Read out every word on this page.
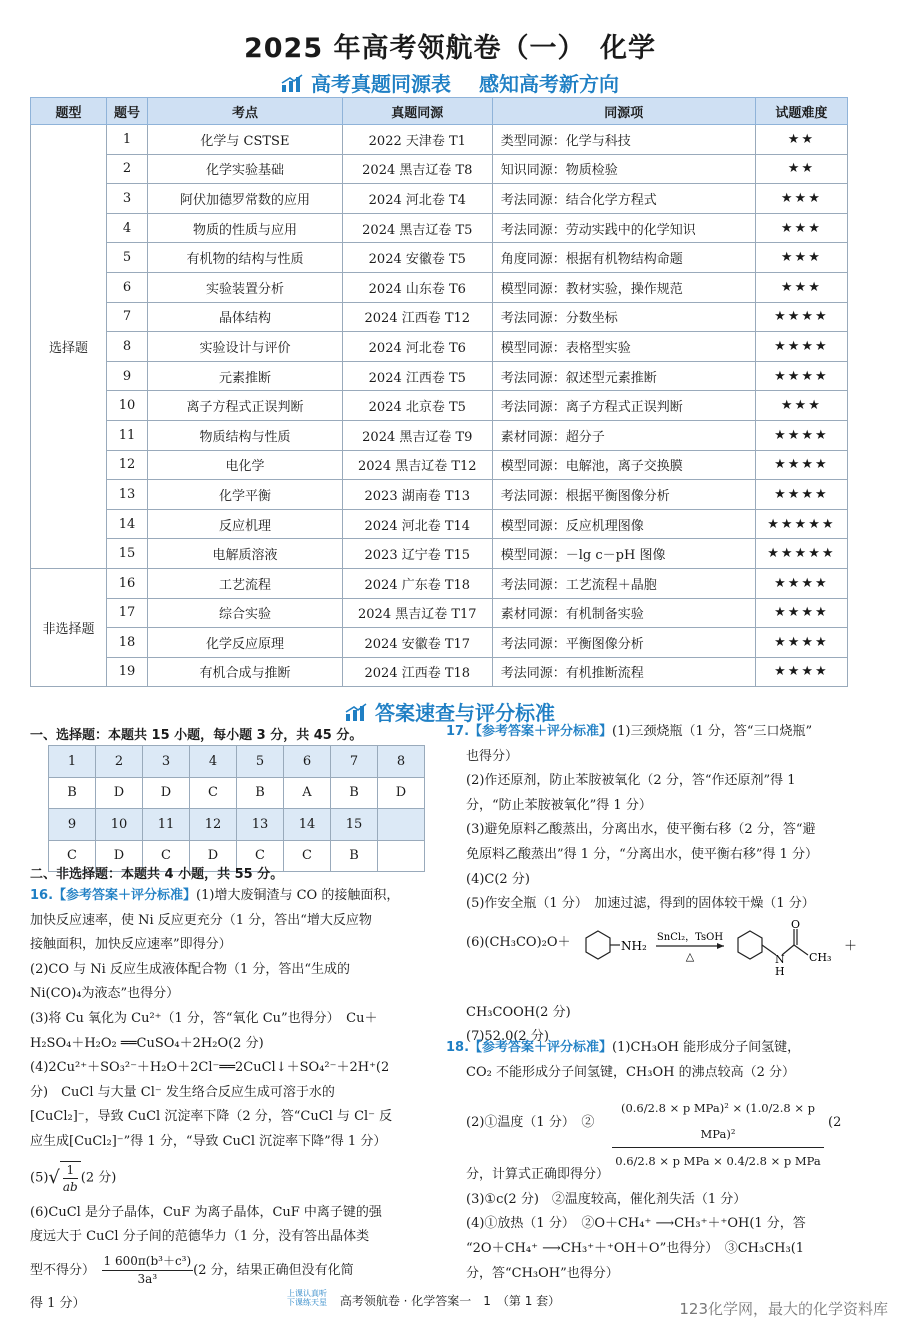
2025 年高考领航卷（一）　化学
高考真题同源表 感知高考新方向
题型	题号	考点	真题同源	同源项	试题难度
选择题	1	化学与 CSTSE	2022 天津卷 T1	类型同源：化学与科技	★★
	2	化学实验基础	2024 黑吉辽卷 T8	知识同源：物质检验	★★
	3	阿伏加德罗常数的应用	2024 河北卷 T4	考法同源：结合化学方程式	★★★
	4	物质的性质与应用	2024 黑吉辽卷 T5	考法同源：劳动实践中的化学知识	★★★
	5	有机物的结构与性质	2024 安徽卷 T5	角度同源：根据有机物结构命题	★★★
	6	实验装置分析	2024 山东卷 T6	模型同源：教材实验，操作规范	★★★
	7	晶体结构	2024 江西卷 T12	考法同源：分数坐标	★★★★
	8	实验设计与评价	2024 河北卷 T6	模型同源：表格型实验	★★★★
	9	元素推断	2024 江西卷 T5	考法同源：叙述型元素推断	★★★★
	10	离子方程式正误判断	2024 北京卷 T5	考法同源：离子方程式正误判断	★★★
	11	物质结构与性质	2024 黑吉辽卷 T9	素材同源：超分子	★★★★
	12	电化学	2024 黑吉辽卷 T12	模型同源：电解池，离子交换膜	★★★★
	13	化学平衡	2023 湖南卷 T13	考法同源：根据平衡图像分析	★★★★
	14	反应机理	2024 河北卷 T14	模型同源：反应机理图像	★★★★★
	15	电解质溶液	2023 辽宁卷 T15	模型同源：－lg c－pH 图像	★★★★★
非选择题	16	工艺流程	2024 广东卷 T18	考法同源：工艺流程＋晶胞	★★★★
	17	综合实验	2024 黑吉辽卷 T17	素材同源：有机制备实验	★★★★
	18	化学反应原理	2024 安徽卷 T17	考法同源：平衡图像分析	★★★★
	19	有机合成与推断	2024 江西卷 T18	考法同源：有机推断流程	★★★★
答案速查与评分标准
一、选择题：本题共 15 小题，每小题 3 分，共 45 分。
1	2	3	4	5	6	7	8
B	D	D	C	B	A	B	D
9	10	11	12	13	14	15	
C	D	C	D	C	C	B	
二、非选择题：本题共 4 小题，共 55 分。

16.【参考答案＋评分标准】(1)增大废铜渣与 CO 的接触面积，

加快反应速率，使 Ni 反应更充分（1 分，答出“增大反应物

接触面积，加快反应速率”即得分）

(2)CO 与 Ni 反应生成液体配合物（1 分，答出“生成的

Ni(CO)₄为液态”也得分）

(3)将 Cu 氧化为 Cu²⁺（1 分，答“氧化 Cu”也得分）　Cu＋

H₂SO₄＋H₂O₂ ══CuSO₄＋2H₂O(2 分)

(4)2Cu²⁺＋SO₃²⁻＋H₂O＋2Cl⁻══2CuCl↓＋SO₄²⁻＋2H⁺(2

分)　CuCl 与大量 Cl⁻ 发生络合反应生成可溶于水的

[CuCl₂]⁻，导致 CuCl 沉淀率下降（2 分，答“CuCl 与 Cl⁻ 反

应生成[CuCl₂]⁻”得 1 分，“导致 CuCl 沉淀率下降”得 1 分）

$(5)√ \frac{1}{ab} (2$ 分)

(6)CuCl 是分子晶体，CuF 为离子晶体，CuF 中离子键的强

度远大于 CuCl 分子间的范德华力（1 分，没有答出晶体类

型不得分）　 $\frac{\text{1 600π(b³＋c³)}}{\text{3a³}} (2$ 分，结果正确但没有化简

得 1 分）

17.【参考答案＋评分标准】(1)三颈烧瓶（1 分，答“三口烧瓶”

也得分）

(2)作还原剂，防止苯胺被氧化（2 分，答“作还原剂”得 1

分，“防止苯胺被氧化”得 1 分）

(3)避免原料乙酸蒸出，分离出水，使平衡右移（2 分，答“避

免原料乙酸蒸出”得 1 分，“分离出水，使平衡右移”得 1 分）

(4)C(2 分)

(5)作安全瓶（1 分）　加速过滤，得到的固体较干燥（1 分）

(6)(CH₃CO)₂O＋	NH₂
SnCl₂，TsOH
△
O
N
H
CH₃
＋

CH₃COOH(2 分)

(7)52.0(2 分)

18.【参考答案＋评分标准】(1)CH₃OH 能形成分子间氢键，

CO₂ 不能形成分子间氢键，CH₃OH 的沸点较高（2 分）

(2)①温度（1 分）　②
(0.6/2.8 × p MPa)² × (1.0/2.8 × p MPa)²
0.6/2.8 × p MPa × 0.4/2.8 × p MPa
(2

分，计算式正确即得分）

(3)①c(2 分)　②温度较高，催化剂失活（1 分）

(4)①放热（1 分）　②O＋CH₄⁺ ⟶CH₃⁺＋⁺OH(1 分，答

“2O＋CH₄⁺ ⟶CH₃⁺＋⁺OH＋O”也得分）　③CH₃CH₃(1

分，答“CH₃OH”也得分）

上课认真听 下课练天星	高考领航卷 · 化学答案一　1　（第 1 套）	123化学网，最大的化学资料库
